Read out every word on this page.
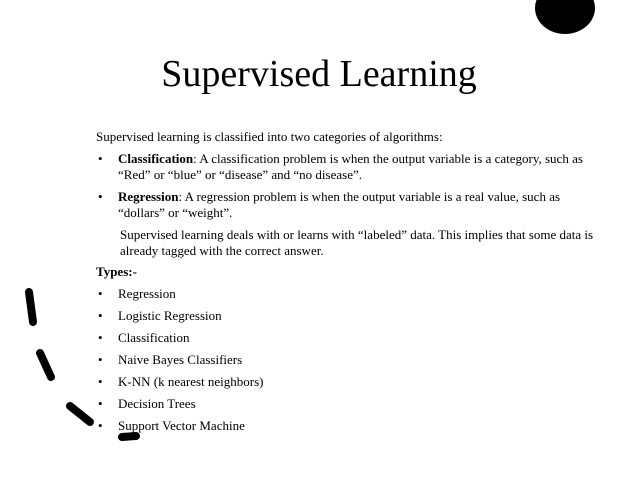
Supervised Learning

Supervised learning is classified into two categories of algorithms:

• Classification: A classification problem is when the output variable is a category, such as “Red” or “blue” or “disease” and “no disease”.
• Regression: A regression problem is when the output variable is a real value, such as “dollars” or “weight”.

Supervised learning deals with or learns with “labeled” data. This implies that some data is already tagged with the correct answer.

Types:-

• Regression
• Logistic Regression
• Classification
• Naive Bayes Classifiers
• K-NN (k nearest neighbors)
• Decision Trees
• Support Vector Machine
